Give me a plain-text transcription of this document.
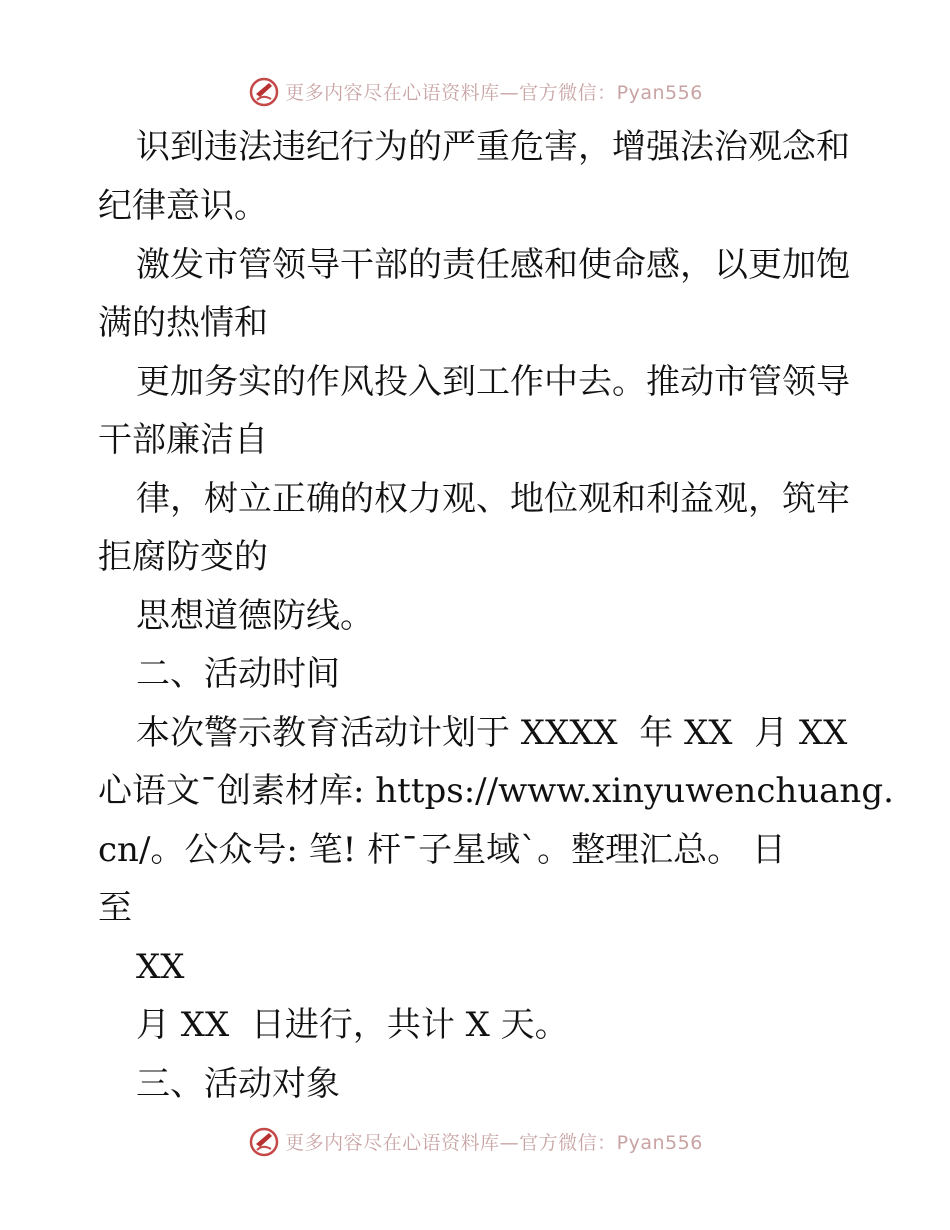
更多内容尽在心语资料库—官方微信：Pyan556
识到违法违纪行为的严重危害，增强法治观念和
纪律意识。
激发市管领导干部的责任感和使命感，以更加饱
满的热情和
更加务实的作风投入到工作中去。推动市管领导
干部廉洁自
律，树立正确的权力观、地位观和利益观，筑牢
拒腐防变的
思想道德防线。
二、活动时间
本次警示教育活动计划于 XXXX  年 XX  月 XX
心语文¯创素材库: https://www.xinyuwenchuang.
cn/。公众号: 笔! 杆¯子星域`。整理汇总。 日
至
XX
月 XX  日进行，共计 X 天。
三、活动对象
更多内容尽在心语资料库—官方微信：Pyan556
